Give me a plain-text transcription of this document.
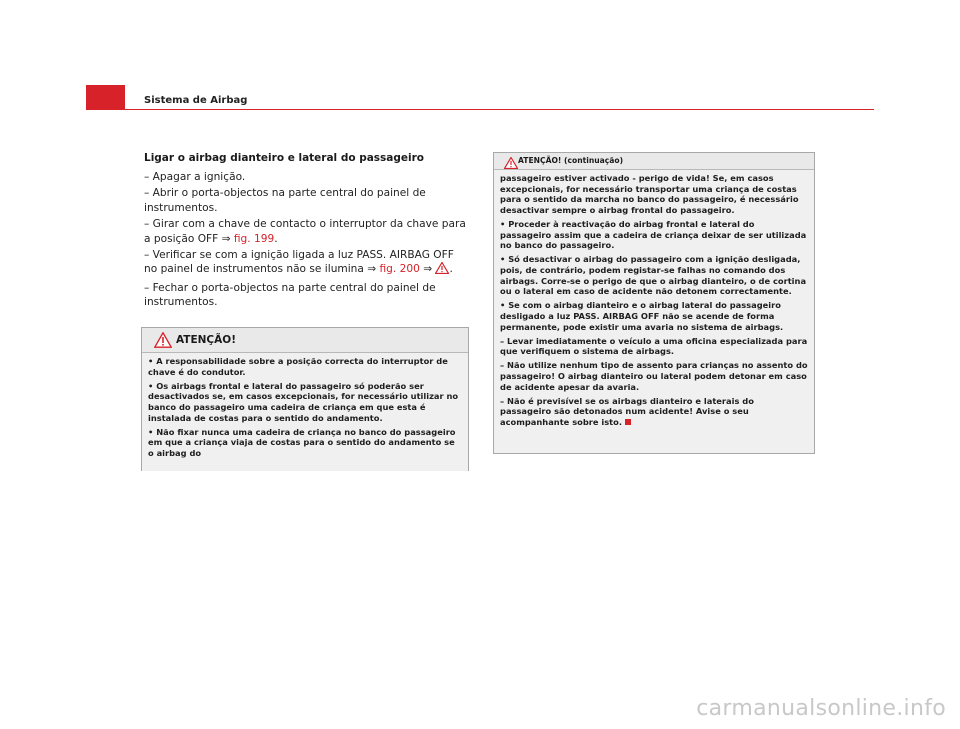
Sistema de Airbag
Ligar o airbag dianteiro e lateral do passageiro

– Apagar a ignição.

– Abrir o porta-objectos na parte central do painel de instrumentos.

– Girar com a chave de contacto o interruptor da chave para a posição OFF ⇒ fig. 199.

– Verificar se com a ignição ligada a luz PASS. AIRBAG OFF no painel de instrumentos não se ilumina ⇒ fig. 200 ⇒ .

– Fechar o porta-objectos na parte central do painel de instrumentos.

ATENÇÃO!

• A responsabilidade sobre a posição correcta do interruptor de chave é do condutor.

• Os airbags frontal e lateral do passageiro só poderão ser desactivados se, em casos excepcionais, for necessário utilizar no banco do passageiro uma cadeira de criança em que esta é instalada de costas para o sentido do andamento.

• Não fixar nunca uma cadeira de criança no banco do passageiro em que a criança viaja de costas para o sentido do andamento se o airbag do

ATENÇÃO! (continuação)

passageiro estiver activado - perigo de vida! Se, em casos excepcionais, for necessário transportar uma criança de costas para o sentido da marcha no banco do passageiro, é necessário desactivar sempre o airbag frontal do passageiro.

• Proceder à reactivação do airbag frontal e lateral do passageiro assim que a cadeira de criança deixar de ser utilizada no banco do passageiro.

• Só desactivar o airbag do passageiro com a ignição desligada, pois, de contrário, podem registar-se falhas no comando dos airbags. Corre-se o perigo de que o airbag dianteiro, o de cortina ou o lateral em caso de acidente não detonem correctamente.

• Se com o airbag dianteiro e o airbag lateral do passageiro desligado a luz PASS. AIRBAG OFF não se acende de forma permanente, pode existir uma avaria no sistema de airbags.

– Levar imediatamente o veículo a uma oficina especializada para que verifiquem o sistema de airbags.

– Não utilize nenhum tipo de assento para crianças no assento do passageiro! O airbag dianteiro ou lateral podem detonar em caso de acidente apesar da avaria.

– Não é previsível se os airbags dianteiro e laterais do passageiro são detonados num acidente! Avise o seu acompanhante sobre isto.

carmanualsonline.info
